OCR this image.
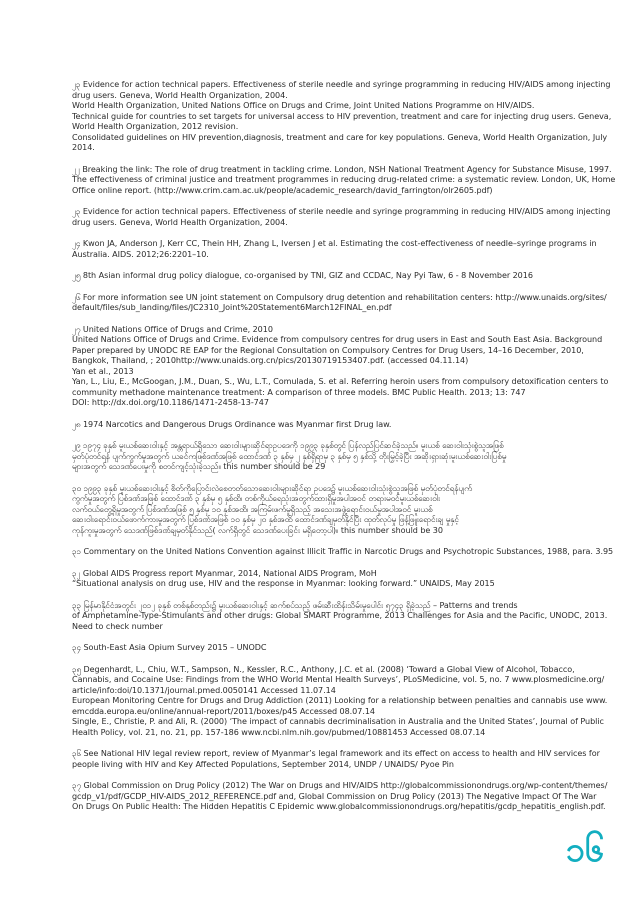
၂၃ Evidence for action technical papers. Effectiveness of sterile needle and syringe programming in reducing HIV/AIDS among injecting
drug users. Geneva, World Health Organization, 2004.
World Health Organization, United Nations Office on Drugs and Crime, Joint United Nations Programme on HIV/AIDS.
Technical guide for countries to set targets for universal access to HIV prevention, treatment and care for injecting drug users. Geneva,
World Health Organization, 2012 revision.
Consolidated guidelines on HIV prevention,diagnosis, treatment and care for key populations. Geneva, World Health Organization, July
2014.
၂၂ Breaking the link: The role of drug treatment in tackling crime. London, NSH National Treatment Agency for Substance Misuse, 1997.
The effectiveness of criminal justice and treatment programmes in reducing drug-related crime: a systematic review. London, UK, Home
Office online report. (http://www.crim.cam.ac.uk/people/academic_research/david_farrington/olr2605.pdf)
၂၃ Evidence for action technical papers. Effectiveness of sterile needle and syringe programming in reducing HIV/AIDS among injecting
drug users. Geneva, World Health Organization, 2004.
၂၄ Kwon JA, Anderson J, Kerr CC, Thein HH, Zhang L, Iversen J et al. Estimating the cost-effectiveness of needle–syringe programs in
Australia. AIDS. 2012;26:2201–10.
၂၅ 8th Asian informal drug policy dialogue, co-organised by TNI, GIZ and CCDAC, Nay Pyi Taw, 6 - 8 November 2016
၂၆ For more information see UN joint statement on Compulsory drug detention and rehabilitation centers: http://www.unaids.org/sites/
default/files/sub_landing/files/JC2310_Joint%20Statement6March12FINAL_en.pdf
၂၇ United Nations Office of Drugs and Crime, 2010
United Nations Office of Drugs and Crime. Evidence from compulsory centres for drug users in East and South East Asia. Background
Paper prepared by UNODC RE EAP for the Regional Consultation on Compulsory Centres for Drug Users, 14–16 December, 2010,
Bangkok, Thailand, ; 2010http://www.unaids.org.cn/pics/20130719153407.pdf. (accessed 04.11.14)
Yan et al., 2013
Yan, L., Liu, E., McGoogan, J.M., Duan, S., Wu, L.T., Comulada, S. et al. Referring heroin users from compulsory detoxification centers to
community methadone maintenance treatment: A comparison of three models. BMC Public Health. 2013; 13: 747
DOI: http://dx.doi.org/10.1186/1471-2458-13-747
၂၈ 1974 Narcotics and Dangerous Drugs Ordinance was Myanmar first Drug law.
၂၉ ၁၉၇၄ ခုနှစ် မူးယစ်ဆေးဝါးနှင့် အန္တရာယ်ရှိသော ဆေးဝါးများဆိုင်ရာဥပဒေကို ၁၉၉၃ ခုနှစ်တွင် ပြန်လည်ပြင်ဆင်ခဲ့သည်။ မူးယစ် ဆေးဝါးသုံးစွဲသူအဖြစ်
မှတ်ပုံတင်ရန် ပျက်ကွက်မှုအတွက် ယခင်ကဖြစ်ဒဏ်အဖြစ် ထောင်ဒဏ် ၃ နှစ်မှ ၂ နှစ်ရှိရာမှ ၃ နှစ်မှ ၅ နှစ်သို့ တိုးမြှင့်ခဲ့ပြီး အဆိုးရှားဆုံးမူးယစ်ဆေးဝါးပြစ်မှု
များအတွက် သေဒဏ်ပေးမှုကို စတင်ကျင့်သုံးခဲ့သည်။ this number should be 29
၃၀ ၁၉၉၃ ခုနှစ် မူးယစ်ဆေးဝါးနှင့် စိတ်ကိုပြောင်းလဲစေတတ်သောဆေးဝါးများဆိုင်ရာ ဥပဒေ၌ မူးယစ်ဆေးဝါးသုံးစွဲသူအဖြစ် မှတ်ပုံတင်ရန်ပျက်
ကွက်မှုအတွက် ပြစ်ဒဏ်အဖြစ် ထောင်ဒဏ် ၃ နှစ်မှ ၅ နှစ်ထိ၊ တစ်ကိုယ်ရေသုံးအတွက်ထားရှိမှုအပါအဝင် တရားမဝင်မူးယစ်ဆေးဝါး
လက်ဝယ်တွေ့ရှိမှုအတွက် ပြစ်ဒဏ်အဖြစ် ၅ နှစ်မှ ၁၀ နှစ်အထိ၊ အကြမ်းဖက်မှုရှိသည့် အသေးအဖွဲ့ရောင်းဝယ်မှုအပါအဝင် မူးယစ်
ဆေးဝါးရောင်းဝယ်ဖောက်ကားမှုအတွက် ပြစ်ဒဏ်အဖြစ် ၁၀ နှစ်မှ ၂၀ နှစ်အထိ ထောင်ဒဏ်ချမှတ်နိုင်ပြီး ထုတ်လုပ်မှု ဖြန့်ဖြူးရောင်းချ မှုနှင့်
ကုန်ကူးမှုအတွက် သေဒဏ်ဖြစ်ဒဏ်ချမှတ်နိုင်သည်( လက်ရှိတွင် သေဒဏ်ပေးခြင်း မရှိတော့ပါ)။ this number should be 30
၃၁ Commentary on the United Nations Convention against Illicit Traffic in Narcotic Drugs and Psychotropic Substances, 1988, para. 3.95
၃၂ Global AIDS Progress report Myanmar, 2014, National AIDS Program, MoH
“Situational analysis on drug use, HIV and the response in Myanmar: looking forward.” UNAIDS, May 2015
၃၃ မြန်မာနိုင်ငံအတွင်း ၂၀၁၂ ခုနှစ် တစ်နှစ်တည်း၌ မူးယစ်ဆေးဝါးနှင့် ဆက်စပ်သည့် ဖမ်းဆီးထိန်းသိမ်းမှုပေါင်း ၅၇၄၃ ရှိခဲ့သည် – Patterns and trends
of Amphetamine-Type-Stimulants and other drugs: Global SMART Programme, 2013 Challenges for Asia and the Pacific, UNODC, 2013.
Need to check number
၃၄ South-East Asia Opium Survey 2015 – UNODC
၃၅ Degenhardt, L., Chiu, W.T., Sampson, N., Kessler, R.C., Anthony, J.C. et al. (2008) ‘Toward a Global View of Alcohol, Tobacco,
Cannabis, and Cocaine Use: Findings from the WHO World Mental Health Surveys’, PLoSMedicine, vol. 5, no. 7 www.plosmedicine.org/
article/info:doi/10.1371/journal.pmed.0050141 Accessed 11.07.14
European Monitoring Centre for Drugs and Drug Addiction (2011) Looking for a relationship between penalties and cannabis use www.
emcdda.europa.eu/online/annual-report/2011/boxes/p45 Accessed 08.07.14
Single, E., Christie, P. and Ali, R. (2000) ‘The impact of cannabis decriminalisation in Australia and the United States’, Journal of Public
Health Policy, vol. 21, no. 21, pp. 157-186 www.ncbi.nlm.nih.gov/pubmed/10881453 Accessed 08.07.14
၃၆ See National HIV legal review report, review of Myanmar’s legal framework and its effect on access to health and HIV services for
people living with HIV and Key Affected Populations, September 2014, UNDP / UNAIDS/ Pyoe Pin
၃၇ Global Commission on Drug Policy (2012) The War on Drugs and HIV/AIDS http://globalcommissionondrugs.org/wp-content/themes/
gcdp_v1/pdf/GCDP_HIV-AIDS_2012_REFERENCE.pdf and, Global Commission on Drug Policy (2013) The Negative Impact Of The War
On Drugs On Public Health: The Hidden Hepatitis C Epidemic www.globalcommissionondrugs.org/hepatitis/gcdp_hepatitis_english.pdf.
၁၆
